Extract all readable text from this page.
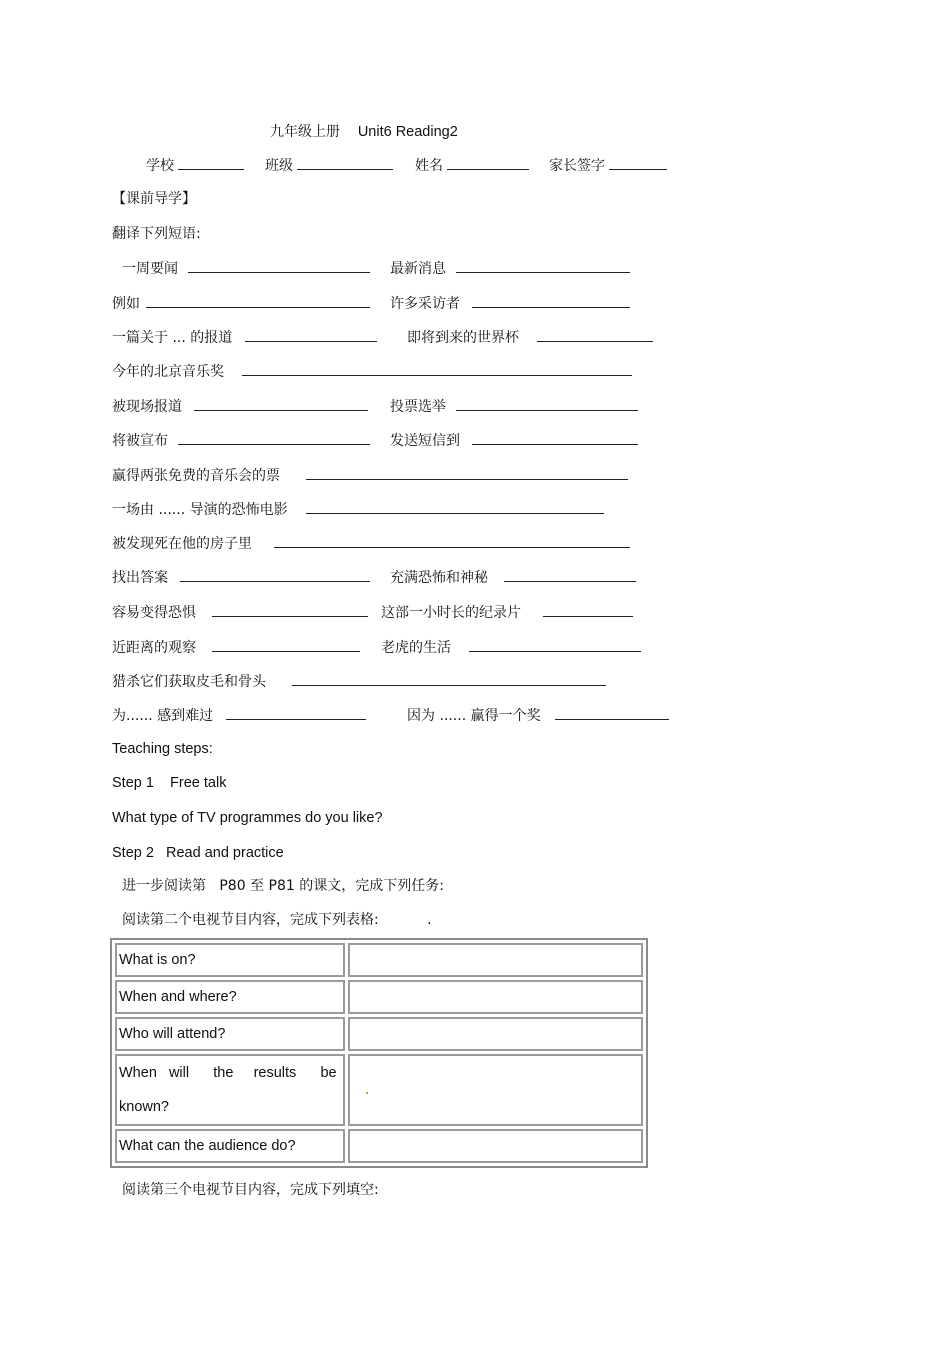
九年级上册 Unit6 Reading2
学校	班级	姓名	家长签字
【课前导学】
翻译下列短语:
一周要闻	最新消息
例如	许多采访者
一篇关于 ... 的报道	即将到来的世界杯
今年的北京音乐奖
被现场报道	投票选举
将被宣布	发送短信到
赢得两张免费的音乐会的票
一场由 ...... 导演的恐怖电影
被发现死在他的房子里
找出答案	充满恐怖和神秘
容易变得恐惧	这部一小时长的纪录片
近距离的观察	老虎的生活
猎杀它们获取皮毛和骨头
为...... 感到难过	因为 ...... 赢得一个奖
Teaching steps:
Step 1    Free talk
What type of TV programmes do you like?
Step 2   Read and practice
进一步阅读第   P80 至 P81 的课文，完成下列任务:
阅读第二个电视节目内容，完成下列表格:	.
What is on?	
When and where?	
Who will attend?	

When   will      the     results      be
known?	

What can the audience do?	
阅读第三个电视节目内容，完成下列填空:
